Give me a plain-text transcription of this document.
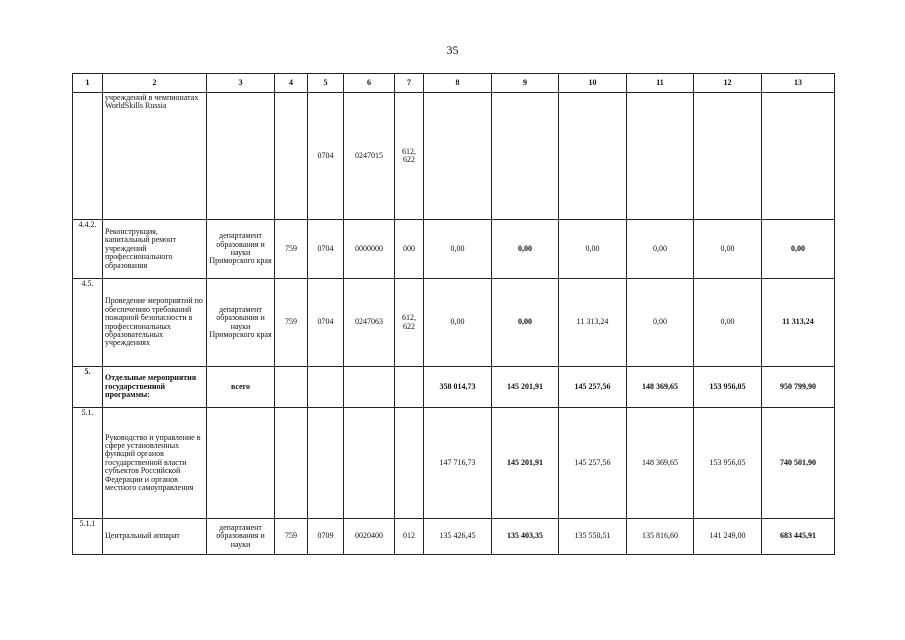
35
1	2	3	4	5	6	7	8	9	10	11	12	13
	учреждений в чемпионатах WorldSkills Russia			0704	0247015	612, 622						
4.4.2.	Реконструкция, капитальный ремонт учреждений профессионального образования	департамент образования и науки Приморского края	759	0704	0000000	000	0,00	0,00	0,00	0,00	0,00	0,00
4.5.	Проведение мероприятий по обеспечению требований пожарной безопасности в профессиональных образовательных учреждениях	департамент образования и науки Приморского края	759	0704	0247063	612, 622	0,00	0,00	11 313,24	0,00	0,00	11 313,24
5.	Отдельные мероприятия государственной программы:	всего					358 014,73	145 201,91	145 257,56	148 369,65	153 956,05	950 799,90
5.1.	Руководство и управление в сфере установленных функций органов государственной власти субъектов Российской Федерации и органов местного самоуправления						147 716,73	145 201,91	145 257,56	148 369,65	153 956,05	740 501,90
5.1.1	Центральный аппарат	департамент образования и науки	759	0709	0020400	012	135 426,45	135 403,35	135 550,51	135 816,60	141 249,00	683 445,91
